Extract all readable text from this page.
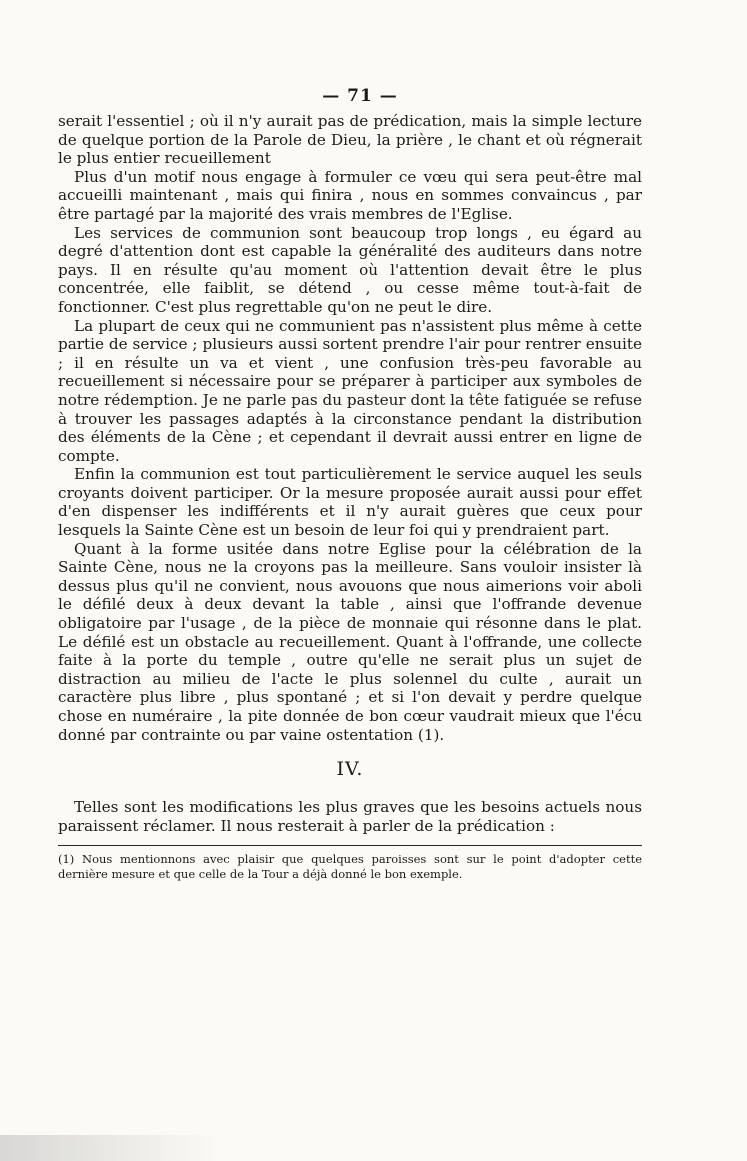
— 71 —

serait l'essentiel ; où il n'y aurait pas de prédication, mais la simple lecture de quelque portion de la Parole de Dieu, la prière , le chant et où régnerait le plus entier recueillement

Plus d'un motif nous engage à formuler ce vœu qui sera peut-être mal accueilli maintenant , mais qui finira , nous en sommes convaincus , par être partagé par la majorité des vrais membres de l'Eglise.

Les services de communion sont beaucoup trop longs , eu égard au degré d'attention dont est capable la généralité des auditeurs dans notre pays. Il en résulte qu'au moment où l'attention devait être le plus concentrée, elle faiblit, se détend , ou cesse même tout-à-fait de fonctionner. C'est plus regrettable qu'on ne peut le dire.

La plupart de ceux qui ne communient pas n'assistent plus même à cette partie de service ; plusieurs aussi sortent prendre l'air pour rentrer ensuite ; il en résulte un va et vient , une confusion très-peu favorable au recueillement si nécessaire pour se préparer à participer aux symboles de notre rédemption. Je ne parle pas du pasteur dont la tête fatiguée se refuse à trouver les passages adaptés à la circonstance pendant la distribution des éléments de la Cène ; et cependant il devrait aussi entrer en ligne de compte.

Enfin la communion est tout particulièrement le service auquel les seuls croyants doivent participer. Or la mesure proposée aurait aussi pour effet d'en dispenser les indifférents et il n'y aurait guères que ceux pour lesquels la Sainte Cène est un besoin de leur foi qui y prendraient part.

Quant à la forme usitée dans notre Eglise pour la célébration de la Sainte Cène, nous ne la croyons pas la meilleure. Sans vouloir insister là dessus plus qu'il ne convient, nous avouons que nous aimerions voir aboli le défilé deux à deux devant la table , ainsi que l'offrande devenue obligatoire par l'usage , de la pièce de monnaie qui résonne dans le plat. Le défilé est un obstacle au recueillement. Quant à l'offrande, une collecte faite à la porte du temple , outre qu'elle ne serait plus un sujet de distraction au milieu de l'acte le plus solennel du culte , aurait un caractère plus libre , plus spontané ; et si l'on devait y perdre quelque chose en numéraire , la pite donnée de bon cœur vaudrait mieux que l'écu donné par contrainte ou par vaine ostentation (1).

IV.

Telles sont les modifications les plus graves que les besoins actuels nous paraissent réclamer. Il nous resterait à parler de la prédication :

(1) Nous mentionnons avec plaisir que quelques paroisses sont sur le point d'adopter cette dernière mesure et que celle de la Tour a déjà donné le bon exemple.
